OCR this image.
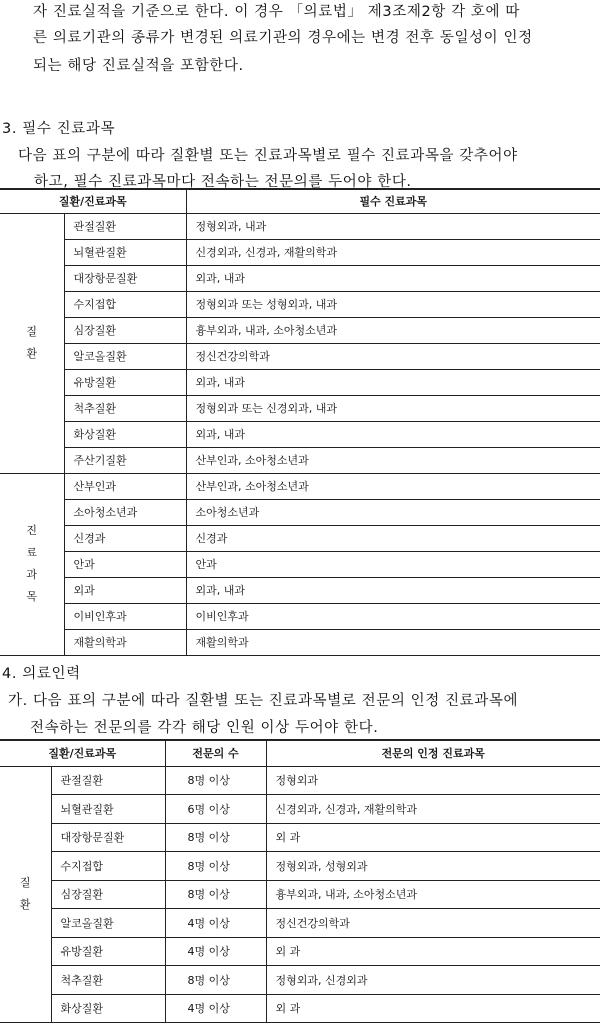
자 진료실적을 기준으로 한다. 이 경우 「의료법」 제3조제2항 각 호에 따
른 의료기관의 종류가 변경된 의료기관의 경우에는 변경 전후 동일성이 인정
되는 해당 진료실적을 포함한다.
3. 필수 진료과목
다음 표의 구분에 따라 질환별 또는 진료과목별로 필수 진료과목을 갖추어야
하고, 필수 진료과목마다 전속하는 전문의를 두어야 한다.
질환/진료과목		필수 진료과목

질
환	관절질환	정형외과, 내과
	뇌혈관질환	신경외과, 신경과, 재활의학과
	대장항문질환	외과, 내과
	수지접합	정형외과 또는 성형외과, 내과
	심장질환	흉부외과, 내과, 소아청소년과
	알코올질환	정신건강의학과
	유방질환	외과, 내과
	척추질환	정형외과 또는 신경외과, 내과
	화상질환	외과, 내과
	주산기질환	산부인과, 소아청소년과

진
료
과
목	산부인과	산부인과, 소아청소년과
	소아청소년과	소아청소년과
	신경과	신경과
	안과	안과
	외과	외과, 내과
	이비인후과	이비인후과
	재활의학과	재활의학과
4. 의료인력
가. 다음 표의 구분에 따라 질환별 또는 진료과목별로 전문의 인정 진료과목에
전속하는 전문의를 각각 해당 인원 이상 두어야 한다.
질환/진료과목		전문의 수	전문의 인정 진료과목

질
환	관절질환	8명 이상	정형외과
	뇌혈관질환	6명 이상	신경외과, 신경과, 재활의학과
	대장항문질환	8명 이상	외 과
	수지접합	8명 이상	정형외과, 성형외과
	심장질환	8명 이상	흉부외과, 내과, 소아청소년과
	알코올질환	4명 이상	정신건강의학과
	유방질환	4명 이상	외 과
	척추질환	8명 이상	정형외과, 신경외과
	화상질환	4명 이상	외 과
